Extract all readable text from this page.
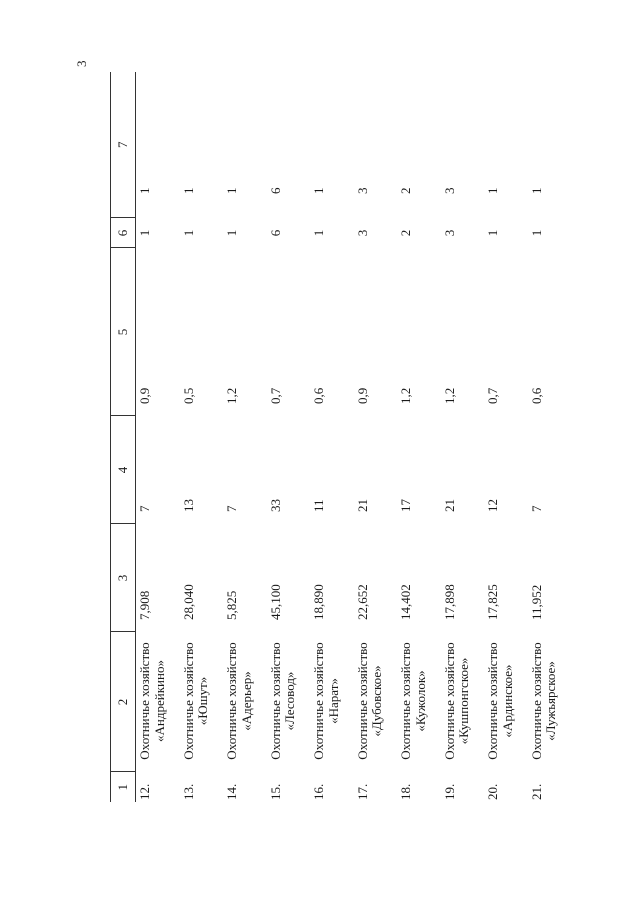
3
1	2	3	4	5	6	7
12.	Охотничье хозяйство «Андрейкино»	7,908	7	0,9	1	1
13.	Охотничье хозяйство «Юшут»	28,040	13	0,5	1	1
14.	Охотничье хозяйство «Адерьер»	5,825	7	1,2	1	1
15.	Охотничье хозяйство «Лесовод»	45,100	33	0,7	6	6
16.	Охотничье хозяйство «Нарат»	18,890	11	0,6	1	1
17.	Охотничье хозяйство «Дубовское»	22,652	21	0,9	3	3
18.	Охотничье хозяйство «Кужолок»	14,402	17	1,2	2	2
19.	Охотничье хозяйство «Кушпонгское»	17,898	21	1,2	3	3
20.	Охотничье хозяйство «Ардинское»	17,825	12	0,7	1	1
21.	Охотничье хозяйство «Лужъярское»	11,952	7	0,6	1	1
